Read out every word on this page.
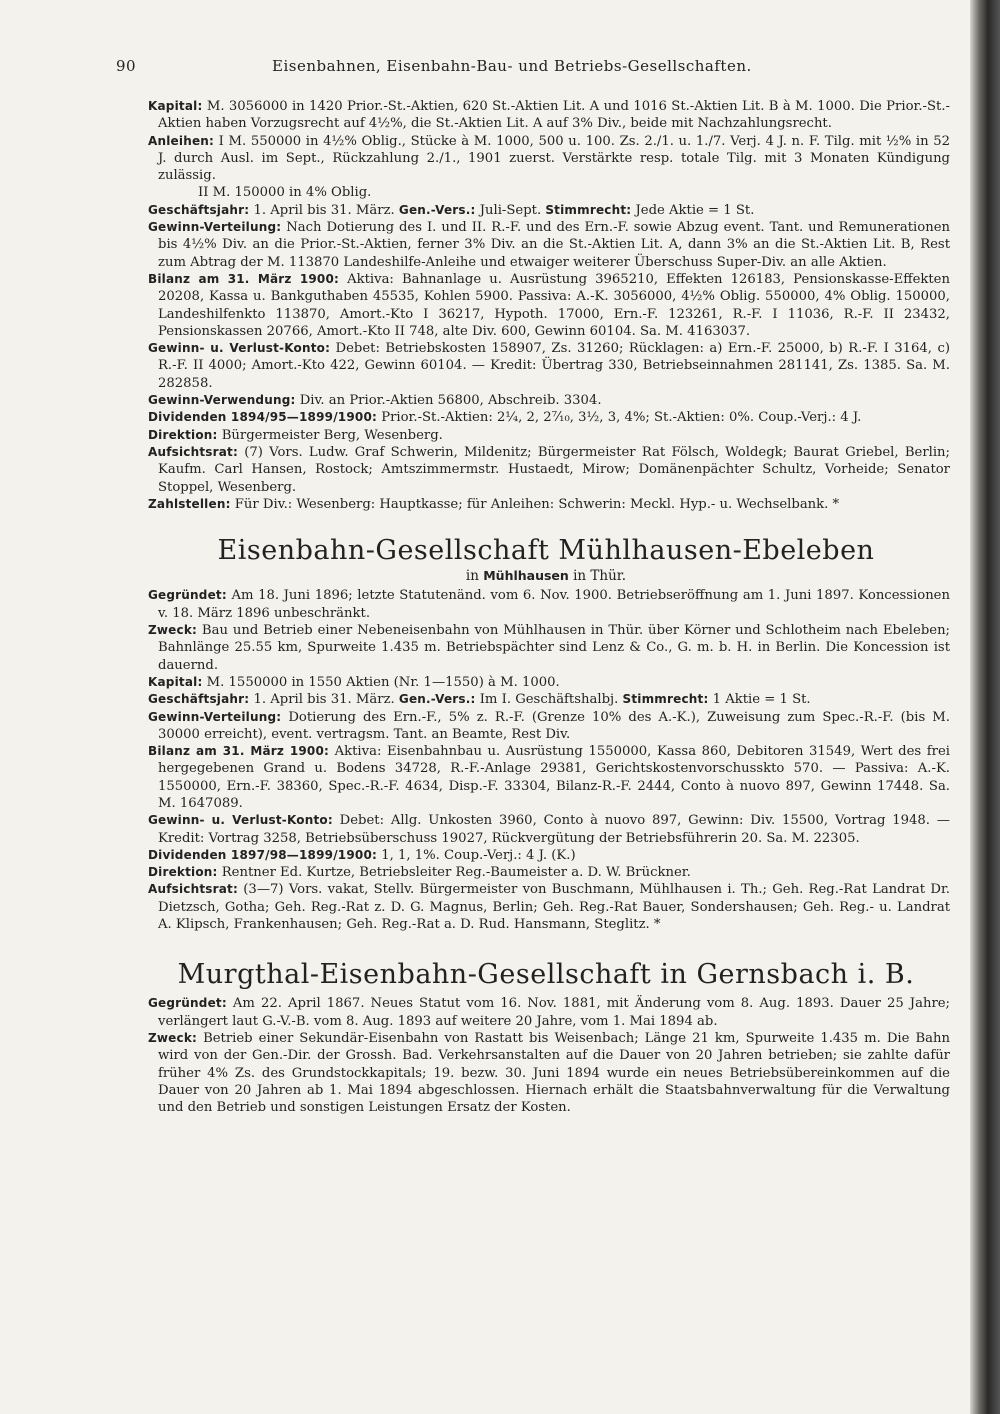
90	Eisenbahnen, Eisenbahn-Bau- und Betriebs-Gesellschaften.

Kapital: M. 3056000 in 1420 Prior.-St.-Aktien, 620 St.-Aktien Lit. A und 1016 St.-Aktien Lit. B à M. 1000. Die Prior.-St.-Aktien haben Vorzugsrecht auf 4½%, die St.-Aktien Lit. A auf 3% Div., beide mit Nachzahlungsrecht.

Anleihen: I M. 550000 in 4½% Oblig., Stücke à M. 1000, 500 u. 100. Zs. 2./1. u. 1./7. Verj. 4 J. n. F. Tilg. mit ½% in 52 J. durch Ausl. im Sept., Rückzahlung 2./1., 1901 zuerst. Verstärkte resp. totale Tilg. mit 3 Monaten Kündigung zulässig.

II M. 150000 in 4% Oblig.

Geschäftsjahr: 1. April bis 31. März. Gen.-Vers.: Juli-Sept. Stimmrecht: Jede Aktie = 1 St.

Gewinn-Verteilung: Nach Dotierung des I. und II. R.-F. und des Ern.-F. sowie Abzug event. Tant. und Remunerationen bis 4½% Div. an die Prior.-St.-Aktien, ferner 3% Div. an die St.-Aktien Lit. A, dann 3% an die St.-Aktien Lit. B, Rest zum Abtrag der M. 113870 Landeshilfe-Anleihe und etwaiger weiterer Überschuss Super-Div. an alle Aktien.

Bilanz am 31. März 1900: Aktiva: Bahnanlage u. Ausrüstung 3965210, Effekten 126183, Pensionskasse-Effekten 20208, Kassa u. Bankguthaben 45535, Kohlen 5900. Passiva: A.-K. 3056000, 4½% Oblig. 550000, 4% Oblig. 150000, Landeshilfenkto 113870, Amort.-Kto I 36217, Hypoth. 17000, Ern.-F. 123261, R.-F. I 11036, R.-F. II 23432, Pensionskassen 20766, Amort.-Kto II 748, alte Div. 600, Gewinn 60104. Sa. M. 4163037.

Gewinn- u. Verlust-Konto: Debet: Betriebskosten 158907, Zs. 31260; Rücklagen: a) Ern.-F. 25000, b) R.-F. I 3164, c) R.-F. II 4000; Amort.-Kto 422, Gewinn 60104. — Kredit: Übertrag 330, Betriebseinnahmen 281141, Zs. 1385. Sa. M. 282858.

Gewinn-Verwendung: Div. an Prior.-Aktien 56800, Abschreib. 3304.

Dividenden 1894/95—1899/1900: Prior.-St.-Aktien: 2¼, 2, 2⁷⁄₁₀, 3½, 3, 4%; St.-Aktien: 0%. Coup.-Verj.: 4 J.

Direktion: Bürgermeister Berg, Wesenberg.

Aufsichtsrat: (7) Vors. Ludw. Graf Schwerin, Mildenitz; Bürgermeister Rat Fölsch, Woldegk; Baurat Griebel, Berlin; Kaufm. Carl Hansen, Rostock; Amtszimmermstr. Hustaedt, Mirow; Domänenpächter Schultz, Vorheide; Senator Stoppel, Wesenberg.

Zahlstellen: Für Div.: Wesenberg: Hauptkasse; für Anleihen: Schwerin: Meckl. Hyp.- u. Wechselbank. *

Eisenbahn-Gesellschaft Mühlhausen-Ebeleben
in Mühlhausen in Thür.

Gegründet: Am 18. Juni 1896; letzte Statutenänd. vom 6. Nov. 1900. Betriebseröffnung am 1. Juni 1897. Koncessionen v. 18. März 1896 unbeschränkt.

Zweck: Bau und Betrieb einer Nebeneisenbahn von Mühlhausen in Thür. über Körner und Schlotheim nach Ebeleben; Bahnlänge 25.55 km, Spurweite 1.435 m. Betriebspächter sind Lenz & Co., G. m. b. H. in Berlin. Die Koncession ist dauernd.

Kapital: M. 1550000 in 1550 Aktien (Nr. 1—1550) à M. 1000.

Geschäftsjahr: 1. April bis 31. März. Gen.-Vers.: Im I. Geschäftshalbj. Stimmrecht: 1 Aktie = 1 St.

Gewinn-Verteilung: Dotierung des Ern.-F., 5% z. R.-F. (Grenze 10% des A.-K.), Zuweisung zum Spec.-R.-F. (bis M. 30000 erreicht), event. vertragsm. Tant. an Beamte, Rest Div.

Bilanz am 31. März 1900: Aktiva: Eisenbahnbau u. Ausrüstung 1550000, Kassa 860, Debitoren 31549, Wert des frei hergegebenen Grand u. Bodens 34728, R.-F.-Anlage 29381, Gerichtskostenvorschusskto 570. — Passiva: A.-K. 1550000, Ern.-F. 38360, Spec.-R.-F. 4634, Disp.-F. 33304, Bilanz-R.-F. 2444, Conto à nuovo 897, Gewinn 17448. Sa. M. 1647089.

Gewinn- u. Verlust-Konto: Debet: Allg. Unkosten 3960, Conto à nuovo 897, Gewinn: Div. 15500, Vortrag 1948. — Kredit: Vortrag 3258, Betriebsüberschuss 19027, Rückvergütung der Betriebsführerin 20. Sa. M. 22305.

Dividenden 1897/98—1899/1900: 1, 1, 1%. Coup.-Verj.: 4 J. (K.)

Direktion: Rentner Ed. Kurtze, Betriebsleiter Reg.-Baumeister a. D. W. Brückner.

Aufsichtsrat: (3—7) Vors. vakat, Stellv. Bürgermeister von Buschmann, Mühlhausen i. Th.; Geh. Reg.-Rat Landrat Dr. Dietzsch, Gotha; Geh. Reg.-Rat z. D. G. Magnus, Berlin; Geh. Reg.-Rat Bauer, Sondershausen; Geh. Reg.- u. Landrat A. Klipsch, Frankenhausen; Geh. Reg.-Rat a. D. Rud. Hansmann, Steglitz. *

Murgthal-Eisenbahn-Gesellschaft in Gernsbach i. B.

Gegründet: Am 22. April 1867. Neues Statut vom 16. Nov. 1881, mit Änderung vom 8. Aug. 1893. Dauer 25 Jahre; verlängert laut G.-V.-B. vom 8. Aug. 1893 auf weitere 20 Jahre, vom 1. Mai 1894 ab.

Zweck: Betrieb einer Sekundär-Eisenbahn von Rastatt bis Weisenbach; Länge 21 km, Spurweite 1.435 m. Die Bahn wird von der Gen.-Dir. der Grossh. Bad. Verkehrsanstalten auf die Dauer von 20 Jahren betrieben; sie zahlte dafür früher 4% Zs. des Grundstockkapitals; 19. bezw. 30. Juni 1894 wurde ein neues Betriebsübereinkommen auf die Dauer von 20 Jahren ab 1. Mai 1894 abgeschlossen. Hiernach erhält die Staatsbahnverwaltung für die Verwaltung und den Betrieb und sonstigen Leistungen Ersatz der Kosten.
